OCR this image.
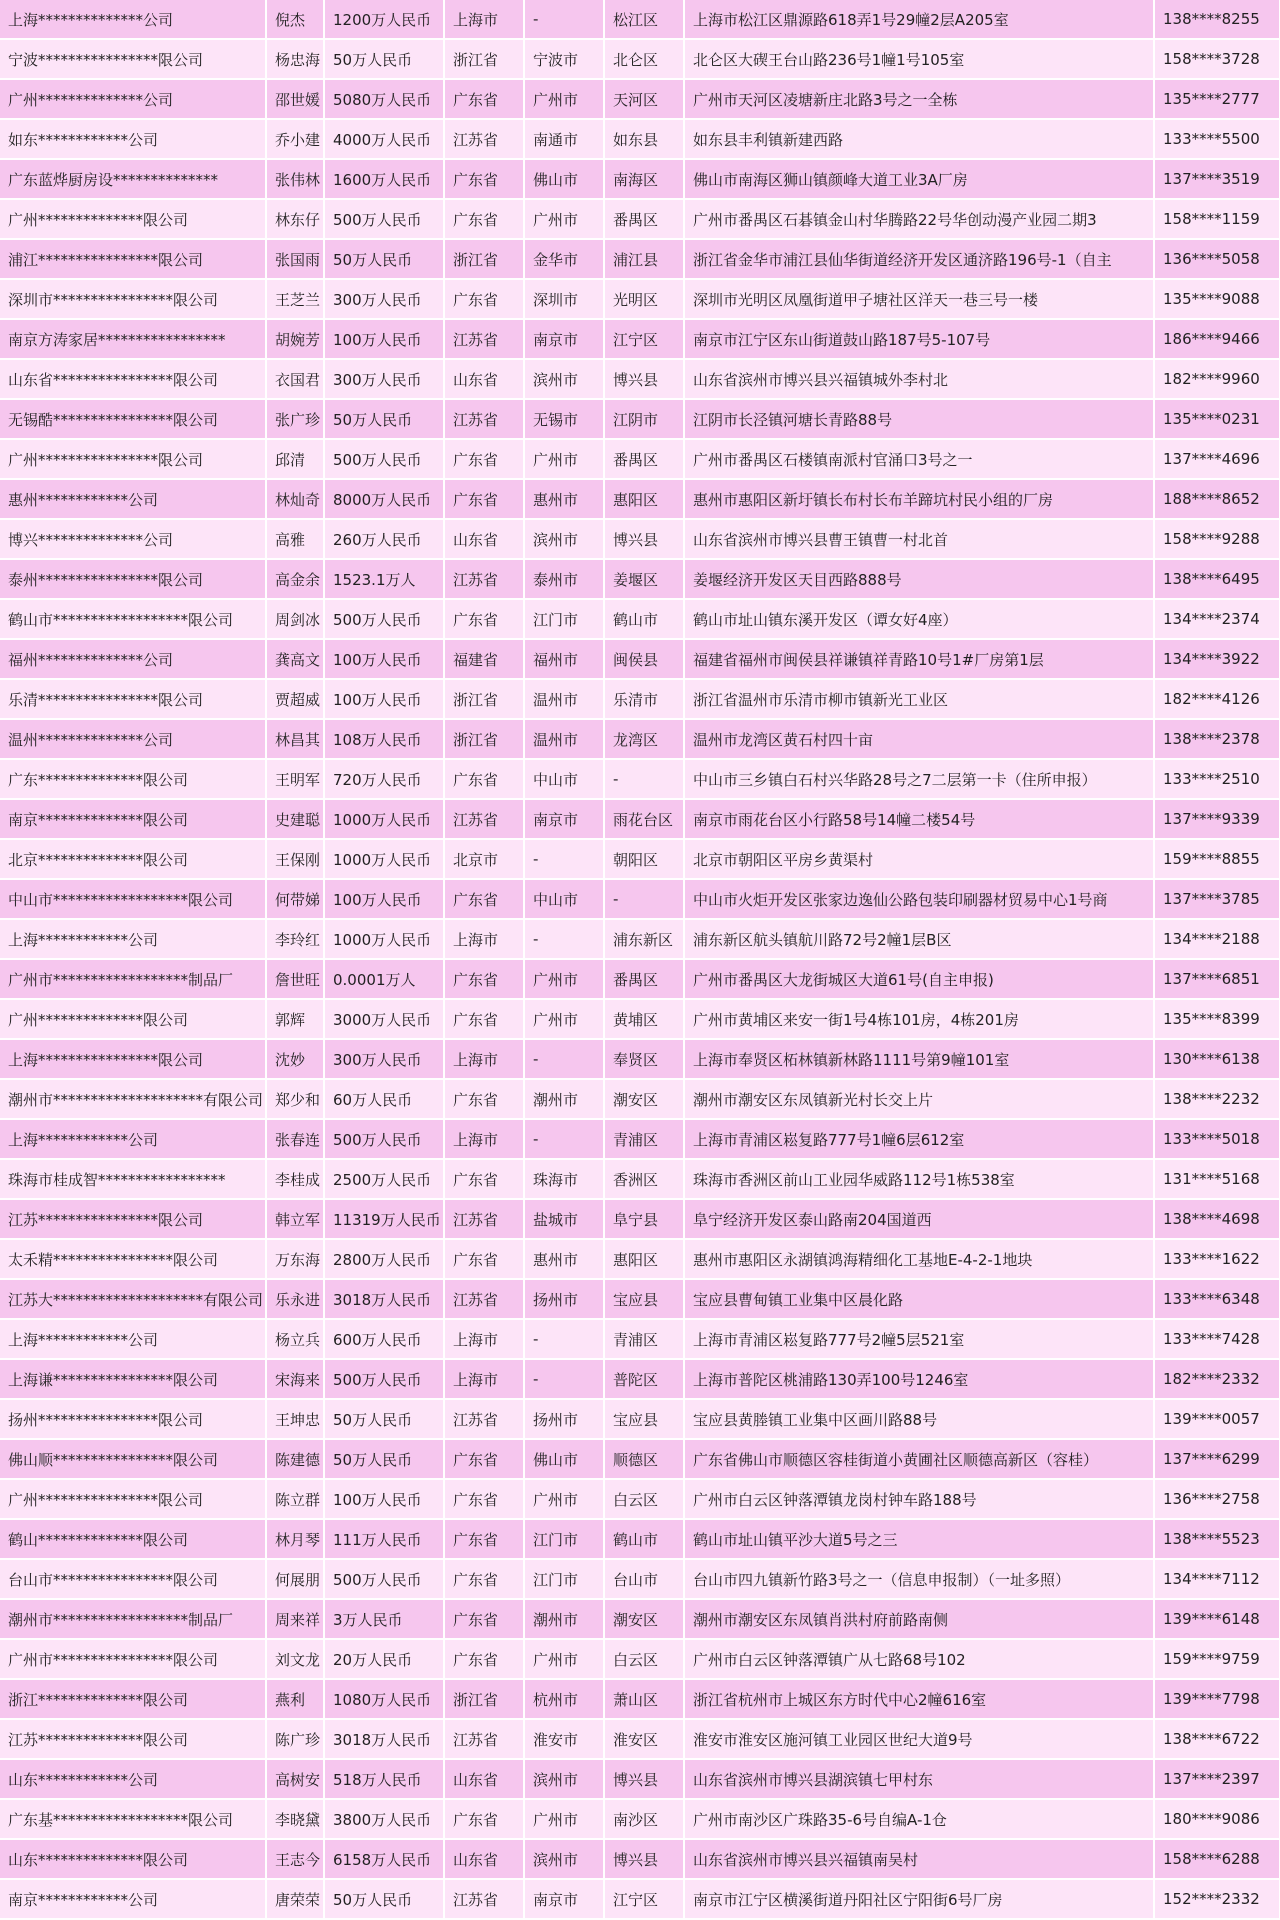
上海**************公司	倪杰	1200万人民币	上海市	-	松江区	上海市松江区鼎源路618弄1号29幢2层A205室	138****8255
宁波****************限公司	杨忠海	50万人民币	浙江省	宁波市	北仑区	北仑区大碶王台山路236号1幢1号105室	158****3728
广州**************公司	邵世媛	5080万人民币	广东省	广州市	天河区	广州市天河区凌塘新庄北路3号之一全栋	135****2777
如东************公司	乔小建	4000万人民币	江苏省	南通市	如东县	如东县丰利镇新建西路	133****5500
广东蓝烨厨房设**************	张伟林	1600万人民币	广东省	佛山市	南海区	佛山市南海区狮山镇颜峰大道工业3A厂房	137****3519
广州**************限公司	林东仔	500万人民币	广东省	广州市	番禺区	广州市番禺区石碁镇金山村华腾路22号华创动漫产业园二期3	158****1159
浦江****************限公司	张国雨	50万人民币	浙江省	金华市	浦江县	浙江省金华市浦江县仙华街道经济开发区通济路196号-1（自主	136****5058
深圳市****************限公司	王芝兰	300万人民币	广东省	深圳市	光明区	深圳市光明区凤凰街道甲子塘社区洋天一巷三号一楼	135****9088
南京方涛家居*****************	胡婉芳	100万人民币	江苏省	南京市	江宁区	南京市江宁区东山街道鼓山路187号5-107号	186****9466
山东省****************限公司	衣国君	300万人民币	山东省	滨州市	博兴县	山东省滨州市博兴县兴福镇城外李村北	182****9960
无锡酷****************限公司	张广珍	50万人民币	江苏省	无锡市	江阴市	江阴市长泾镇河塘长青路88号	135****0231
广州****************限公司	邱清	500万人民币	广东省	广州市	番禺区	广州市番禺区石楼镇南派村官涌口3号之一	137****4696
惠州************公司	林灿奇	8000万人民币	广东省	惠州市	惠阳区	惠州市惠阳区新圩镇长布村长布羊蹄坑村民小组的厂房	188****8652
博兴**************公司	高雅	260万人民币	山东省	滨州市	博兴县	山东省滨州市博兴县曹王镇曹一村北首	158****9288
泰州****************限公司	高金余	1523.1万人	江苏省	泰州市	姜堰区	姜堰经济开发区天目西路888号	138****6495
鹤山市******************限公司	周剑冰	500万人民币	广东省	江门市	鹤山市	鹤山市址山镇东溪开发区（谭女好4座）	134****2374
福州**************公司	龚高文	100万人民币	福建省	福州市	闽侯县	福建省福州市闽侯县祥谦镇祥青路10号1#厂房第1层	134****3922
乐清****************限公司	贾超威	100万人民币	浙江省	温州市	乐清市	浙江省温州市乐清市柳市镇新光工业区	182****4126
温州**************公司	林昌其	108万人民币	浙江省	温州市	龙湾区	温州市龙湾区黄石村四十亩	138****2378
广东**************限公司	王明军	720万人民币	广东省	中山市	-	中山市三乡镇白石村兴华路28号之7二层第一卡（住所申报）	133****2510
南京**************限公司	史建聪	1000万人民币	江苏省	南京市	雨花台区	南京市雨花台区小行路58号14幢二楼54号	137****9339
北京**************限公司	王保刚	1000万人民币	北京市	-	朝阳区	北京市朝阳区平房乡黄渠村	159****8855
中山市******************限公司	何带娣	100万人民币	广东省	中山市	-	中山市火炬开发区张家边逸仙公路包装印刷器材贸易中心1号商	137****3785
上海************公司	李玲红	1000万人民币	上海市	-	浦东新区	浦东新区航头镇航川路72号2幢1层B区	134****2188
广州市******************制品厂	詹世旺	0.0001万人	广东省	广州市	番禺区	广州市番禺区大龙街城区大道61号(自主申报)	137****6851
广州**************限公司	郭辉	3000万人民币	广东省	广州市	黄埔区	广州市黄埔区来安一街1号4栋101房，4栋201房	135****8399
上海****************限公司	沈妙	300万人民币	上海市	-	奉贤区	上海市奉贤区柘林镇新林路1111号第9幢101室	130****6138
潮州市********************有限公司	郑少和	60万人民币	广东省	潮州市	潮安区	潮州市潮安区东凤镇新光村长交上片	138****2232
上海************公司	张春连	500万人民币	上海市	-	青浦区	上海市青浦区崧复路777号1幢6层612室	133****5018
珠海市桂成智*****************	李桂成	2500万人民币	广东省	珠海市	香洲区	珠海市香洲区前山工业园华威路112号1栋538室	131****5168
江苏****************限公司	韩立军	11319万人民币	江苏省	盐城市	阜宁县	阜宁经济开发区泰山路南204国道西	138****4698
太禾精****************限公司	万东海	2800万人民币	广东省	惠州市	惠阳区	惠州市惠阳区永湖镇鸿海精细化工基地E-4-2-1地块	133****1622
江苏大********************有限公司	乐永进	3018万人民币	江苏省	扬州市	宝应县	宝应县曹甸镇工业集中区晨化路	133****6348
上海************公司	杨立兵	600万人民币	上海市	-	青浦区	上海市青浦区崧复路777号2幢5层521室	133****7428
上海谦****************限公司	宋海来	500万人民币	上海市	-	普陀区	上海市普陀区桃浦路130弄100号1246室	182****2332
扬州****************限公司	王坤忠	50万人民币	江苏省	扬州市	宝应县	宝应县黄塍镇工业集中区画川路88号	139****0057
佛山顺****************限公司	陈建德	50万人民币	广东省	佛山市	顺德区	广东省佛山市顺德区容桂街道小黄圃社区顺德高新区（容桂）	137****6299
广州****************限公司	陈立群	100万人民币	广东省	广州市	白云区	广州市白云区钟落潭镇龙岗村钟车路188号	136****2758
鹤山**************限公司	林月琴	111万人民币	广东省	江门市	鹤山市	鹤山市址山镇平沙大道5号之三	138****5523
台山市****************限公司	何展朋	500万人民币	广东省	江门市	台山市	台山市四九镇新竹路3号之一（信息申报制）（一址多照）	134****7112
潮州市******************制品厂	周来祥	3万人民币	广东省	潮州市	潮安区	潮州市潮安区东凤镇肖洪村府前路南侧	139****6148
广州市****************限公司	刘文龙	20万人民币	广东省	广州市	白云区	广州市白云区钟落潭镇广从七路68号102	159****9759
浙江**************限公司	燕利	1080万人民币	浙江省	杭州市	萧山区	浙江省杭州市上城区东方时代中心2幢616室	139****7798
江苏**************限公司	陈广珍	3018万人民币	江苏省	淮安市	淮安区	淮安市淮安区施河镇工业园区世纪大道9号	138****6722
山东************公司	高树安	518万人民币	山东省	滨州市	博兴县	山东省滨州市博兴县湖滨镇七甲村东	137****2397
广东基******************限公司	李晓黛	3800万人民币	广东省	广州市	南沙区	广州市南沙区广珠路35-6号自编A-1仓	180****9086
山东**************限公司	王志今	6158万人民币	山东省	滨州市	博兴县	山东省滨州市博兴县兴福镇南吴村	158****6288
南京************公司	唐荣荣	50万人民币	江苏省	南京市	江宁区	南京市江宁区横溪街道丹阳社区宁阳街6号厂房	152****2332
